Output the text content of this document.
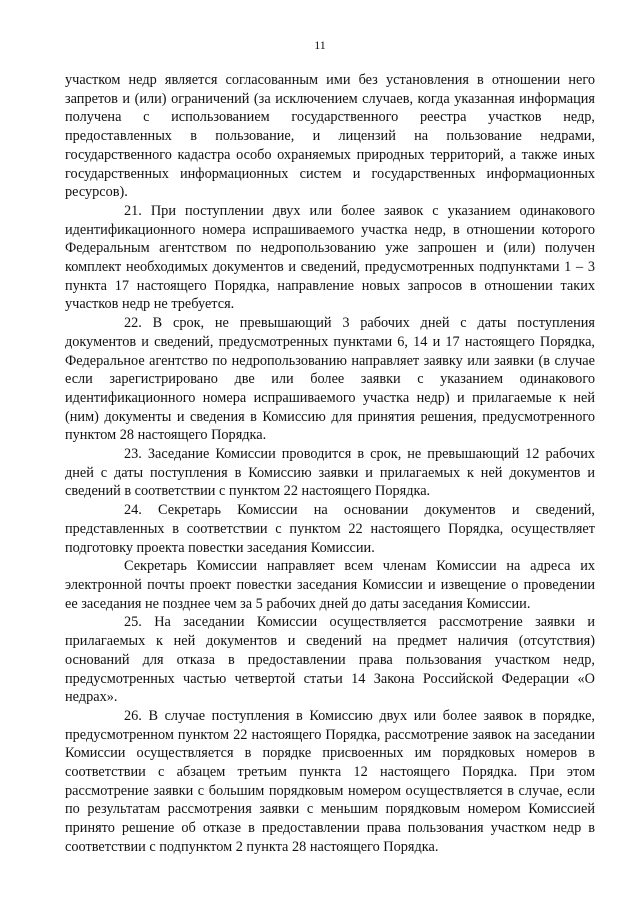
11

участком недр является согласованным ими без установления в отношении него запретов и (или) ограничений (за исключением случаев, когда указанная информация получена с использованием государственного реестра участков недр, предоставленных в пользование, и лицензий на пользование недрами, государственного кадастра особо охраняемых природных территорий, а также иных государственных информационных систем и государственных информационных ресурсов).

21. При поступлении двух или более заявок с указанием одинакового идентификационного номера испрашиваемого участка недр, в отношении которого Федеральным агентством по недропользованию уже запрошен и (или) получен комплект необходимых документов и сведений, предусмотренных подпунктами 1 – 3 пункта 17 настоящего Порядка, направление новых запросов в отношении таких участков недр не требуется.

22. В срок, не превышающий 3 рабочих дней с даты поступления документов и сведений, предусмотренных пунктами 6, 14 и 17 настоящего Порядка, Федеральное агентство по недропользованию направляет заявку или заявки (в случае если зарегистрировано две или более заявки с указанием одинакового идентификационного номера испрашиваемого участка недр) и прилагаемые к ней (ним) документы и сведения в Комиссию для принятия решения, предусмотренного пунктом 28 настоящего Порядка.

23. Заседание Комиссии проводится в срок, не превышающий 12 рабочих дней с даты поступления в Комиссию заявки и прилагаемых к ней документов и сведений в соответствии с пунктом 22 настоящего Порядка.

24. Секретарь Комиссии на основании документов и сведений, представленных в соответствии с пунктом 22 настоящего Порядка, осуществляет подготовку проекта повестки заседания Комиссии.

Секретарь Комиссии направляет всем членам Комиссии на адреса их электронной почты проект повестки заседания Комиссии и извещение о проведении ее заседания не позднее чем за 5 рабочих дней до даты заседания Комиссии.

25. На заседании Комиссии осуществляется рассмотрение заявки и прилагаемых к ней документов и сведений на предмет наличия (отсутствия) оснований для отказа в предоставлении права пользования участком недр, предусмотренных частью четвертой статьи 14 Закона Российской Федерации «О недрах».

26. В случае поступления в Комиссию двух или более заявок в порядке, предусмотренном пунктом 22 настоящего Порядка, рассмотрение заявок на заседании Комиссии осуществляется в порядке присвоенных им порядковых номеров в соответствии с абзацем третьим пункта 12 настоящего Порядка. При этом рассмотрение заявки с большим порядковым номером осуществляется в случае, если по результатам рассмотрения заявки с меньшим порядковым номером Комиссией принято решение об отказе в предоставлении права пользования участком недр в соответствии с подпунктом 2 пункта 28 настоящего Порядка.
